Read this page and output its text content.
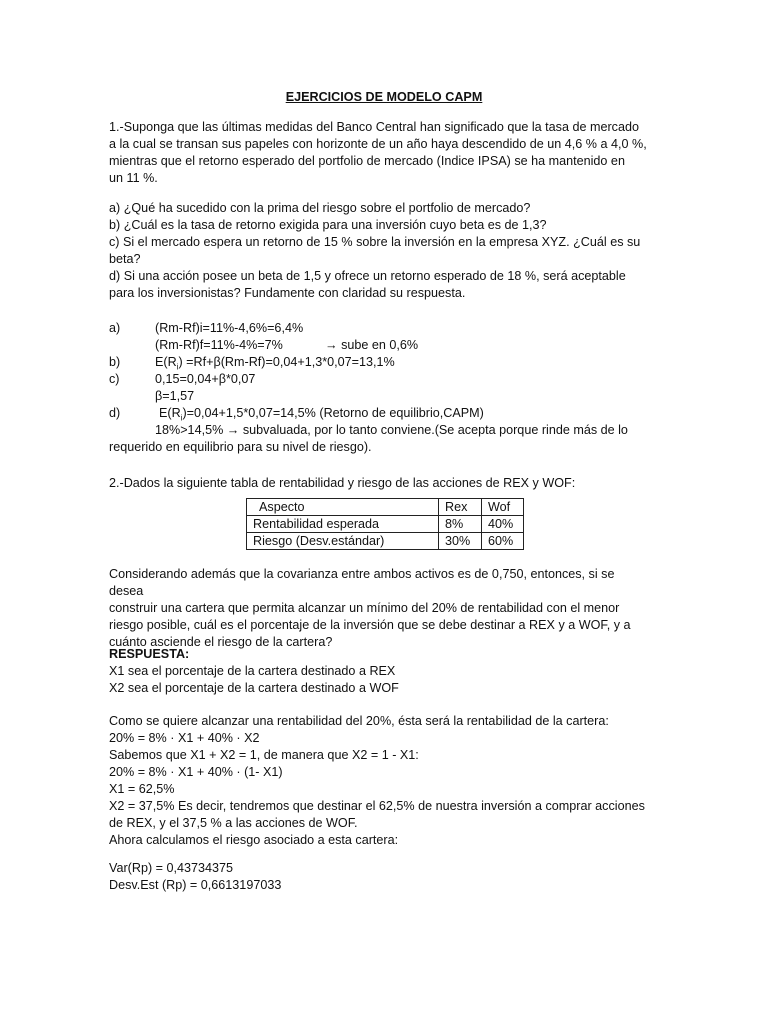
EJERCICIOS DE MODELO CAPM

1.-Suponga que las últimas medidas del Banco Central han significado que la tasa de mercado

a la cual se transan sus papeles con horizonte de un año haya descendido de un 4,6 % a 4,0 %,

mientras que el retorno esperado del portfolio de mercado (Indice IPSA) se ha mantenido en

un 11 %.

a) ¿Qué ha sucedido con la prima del riesgo sobre el portfolio de mercado?

b) ¿Cuál es la tasa de retorno exigida para una inversión cuyo beta es de 1,3?

c) Si el mercado espera un retorno de 15 % sobre la inversión en la empresa XYZ. ¿Cuál es su

beta?

d) Si una acción posee un beta de 1,5 y ofrece un retorno esperado de 18 %, será aceptable

para los inversionistas? Fundamente con claridad su respuesta.

a)	(Rm-Rf)i=11%-4,6%=6,4%
(Rm-Rf)f=11%-4%=7%	→ sube en 0,6%
b)	$E(R_i) =Rf+\beta(Rm-Rf)=0,04+1,3*0,07=13,1\%$
c)	0,15=0,04+β*0,07
β=1,57
d)	$E(R_i)=0,04+1,5*0,07=14,5\%$ (Retorno de equilibrio,CAPM)
18%>14,5% → subvaluada, por lo tanto conviene.(Se acepta porque rinde más de lo
requerido en equilibrio para su nivel de riesgo).

2.-Dados la siguiente tabla de rentabilidad y riesgo de las acciones de REX y WOF:

Aspecto	Rex	Wof
Rentabilidad esperada	8%	40%
Riesgo (Desv.estándar)	30%	60%

Considerando además que la covarianza entre ambos activos es de 0,750, entonces, si se desea

construir una cartera que permita alcanzar un mínimo del 20% de rentabilidad con el menor

riesgo posible, cuál es el porcentaje de la inversión que se debe destinar a REX y a WOF, y a

cuánto asciende el riesgo de la cartera?

RESPUESTA:

X1 sea el porcentaje de la cartera destinado a REX

X2 sea el porcentaje de la cartera destinado a WOF

Como se quiere alcanzar una rentabilidad del 20%, ésta será la rentabilidad de la cartera:

20% = 8% · X1 + 40% · X2

Sabemos que X1 + X2 = 1, de manera que X2 = 1 - X1:

20% = 8% · X1 + 40% · (1- X1)

X1 = 62,5%

X2 = 37,5% Es decir, tendremos que destinar el 62,5% de nuestra inversión a comprar acciones

de REX, y el 37,5 % a las acciones de WOF.

Ahora calculamos el riesgo asociado a esta cartera:

Var(Rp) = 0,43734375

Desv.Est (Rp) = 0,6613197033
